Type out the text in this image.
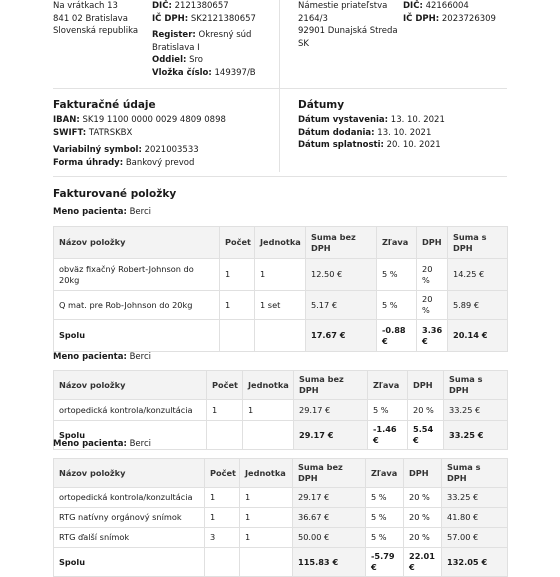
Na vrátkach 13
841 02 Bratislava
Slovenská republika
DIČ: 2121380657
IČ DPH: SK2121380657
Register: Okresný súd
Bratislava I
Oddiel: Sro
Vložka číslo: 149397/B
Námestie priateľstva
2164/3
92901 Dunajská Streda
SK
DIČ: 42166004
IČ DPH: 2023726309
Fakturačné údaje
IBAN: SK19 1100 0000 0029 4809 0898
SWIFT: TATRSKBX
Variabilný symbol: 2021003533
Forma úhrady: Bankový prevod
Dátumy
Dátum vystavenia: 13. 10. 2021
Dátum dodania: 13. 10. 2021
Dátum splatnosti: 20. 10. 2021
Fakturované položky
Meno pacienta: Berci
Názov položky	Počet	Jednotka	Suma bez DPH	Zľava	DPH	Suma s DPH
obväz fixačný Robert-Johnson do 20kg	1	1	12.50 €	5 %	20 %	14.25 €
Q mat. pre Rob-Johnson do 20kg	1	1 set	5.17 €	5 %	20 %	5.89 €
Spolu			17.67 €	-0.88 €	3.36 €	20.14 €
Meno pacienta: Berci
Názov položky	Počet	Jednotka	Suma bez DPH	Zľava	DPH	Suma s DPH
ortopedická kontrola/konzultácia	1	1	29.17 €	5 %	20 %	33.25 €
Spolu			29.17 €	-1.46 €	5.54 €	33.25 €
Meno pacienta: Berci
Názov položky	Počet	Jednotka	Suma bez DPH	Zľava	DPH	Suma s DPH
ortopedická kontrola/konzultácia	1	1	29.17 €	5 %	20 %	33.25 €
RTG natívny orgánový snímok	1	1	36.67 €	5 %	20 %	41.80 €
RTG ďalší snímok	3	1	50.00 €	5 %	20 %	57.00 €
Spolu			115.83 €	-5.79 €	22.01 €	132.05 €
